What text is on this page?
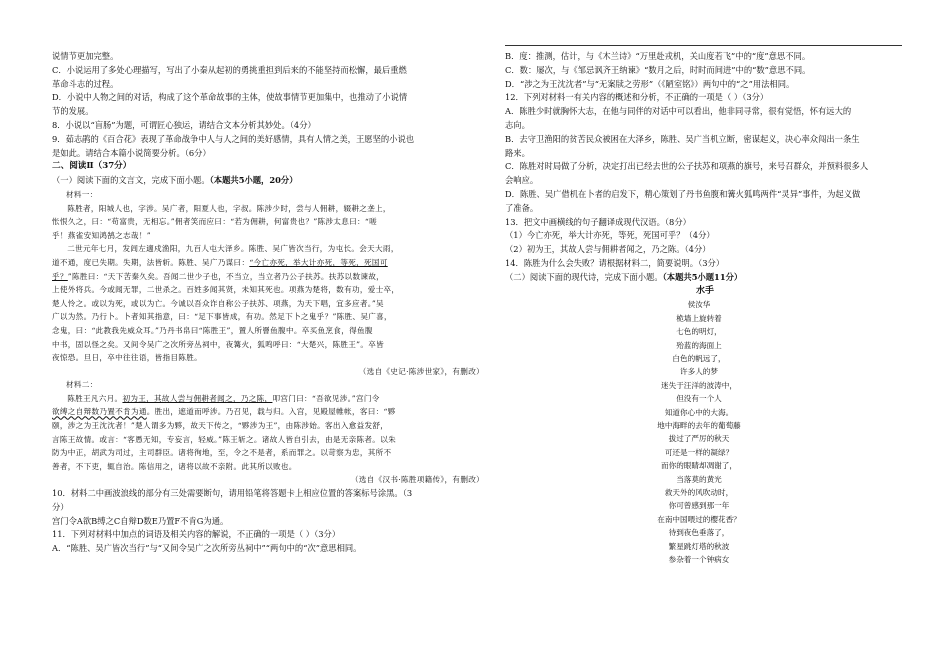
说情节更加完整。

C．小说运用了多处心理描写，写出了小秦从起初的勇挑重担到后来的不能坚持而松懈，最后重燃

革命斗志的过程。

D．小说中人物之间的对话，构成了这个革命故事的主体，使故事情节更加集中，也推动了小说情

节的发展。

8．小说以“盲肠”为题，可谓匠心独运，请结合文本分析其妙处。（4分）

9．茹志鹃的《百合花》表现了革命战争中人与人之间的美好感情，具有人情之美，王愿坚的小说也

是如此。请结合本篇小说简要分析。（6分）

二、阅读Ⅱ（37分）

（一）阅读下面的文言文，完成下面小题。（本题共5小题，20分）

材料一：

陈胜者，阳城人也，字涉。吴广者，阳夏人也，字叔。陈涉少时，尝与人佣耕，辍耕之垄上，

怅恨久之，曰：“苟富贵，无相忘。”佣者笑而应曰：“若为佣耕，何富贵也？”陈涉太息曰：“嗟

乎！燕雀安知鸿鹄之志哉！”

二世元年七月，发闾左適戍渔阳，九百人屯大泽乡。陈胜、吴广皆次当行，为屯长。会天大雨，

道不通，度已失期。失期，法皆斩。陈胜、吴广乃谋曰：“今亡亦死，举大计亦死，等死，死国可

乎？”陈胜曰：“天下苦秦久矣。吾闻二世少子也，不当立，当立者乃公子扶苏。扶苏以数谏故，

上使外将兵。今或闻无罪，二世杀之。百姓多闻其贤，未知其死也。项燕为楚将，数有功，爱士卒，

楚人怜之。或以为死，或以为亡。今诚以吾众诈自称公子扶苏、项燕，为天下唱，宜多应者。”吴

广以为然。乃行卜。卜者知其指意，曰：“足下事皆成，有功。然足下卜之鬼乎？”陈胜、吴广喜，

念鬼，曰：“此教我先威众耳。”乃丹书帛曰“陈胜王”，置人所罾鱼腹中。卒买鱼烹食，得鱼腹

中书，固以怪之矣。又间令吴广之次所旁丛祠中，夜篝火，狐鸣呼曰：“大楚兴，陈胜王”。卒皆

夜惊恐。旦日，卒中往往语，皆指目陈胜。

（选自《史记·陈涉世家》，有删改）

材料二：

陈胜王凡六月。初为王，其故人尝与佣耕者闻之，乃之陈，叩宫门曰：“吾欲见涉。”宫门令

欲缚之自辩数乃置不肯为通。胜出，遮道而呼涉。乃召见，载与归。入宫，见殿屋帷帐，客曰：“夥

颐，涉之为王沈沈者！”楚人谓多为夥，故天下传之，“夥涉为王”，由陈涉始。客出入愈益发舒，

言陈王故情。或言：“客愚无知，专妄言，轻威。”陈王斩之。诸故人皆自引去，由是无亲陈者。以朱

防为中正，胡武为司过，主司群臣。诸将徇地，至，令之不是者，系而罪之。以苛察为忠，其所不

善者，不下吏，辄自治。陈信用之，诸将以故不亲附。此其所以败也。

（选自《汉书·陈胜项籍传》，有删改）

10．材料二中画波浪线的部分有三处需要断句，请用铅笔将答题卡上相应位置的答案标号涂黑。（3

分）

宫门令A欲B缚之C自辩D数E乃置F不肯G为通。

11．下列对材料中加点的词语及相关内容的解说，不正确的一项是（ ）（3分）

A．“陈胜、吴广皆次当行”与“又间令吴广之次所旁丛祠中”“两句中的“次”意思相同。

B．度：推测，估计，与《木兰诗》“万里赴戎机，关山度若飞”中的“度”意思不同。

C．数：屡次，与《邹忌讽齐王纳谏》“数月之后，时时而间进”中的“数”意思不同。

D．“涉之为王沈沈者”与“无案牍之劳形”（《陋室铭》）两句中的“之”用法相同。

12．下列对材料一有关内容的概述和分析，不正确的一项是（ ）（3分）

A．陈胜少时就胸怀大志，在他与同伴的对话中可以看出，他非同寻常，很有觉悟，怀有远大的

志向。

B．去守卫渔阳的贫苦民众被困在大泽乡，陈胜、吴广当机立断，密谋起义，决心率众闯出一条生

路来。

C．陈胜对时局做了分析，决定打出已经去世的公子扶苏和项燕的旗号，来号召群众，并预料很多人

会响应。

D．陈胜、吴广借机在卜者的启发下，精心策划了丹书鱼腹和篝火狐鸣两件“灵异”事件，为起义做

了准备。

13．把文中画横线的句子翻译成现代汉语。（8分）

（1）今亡亦死，举大计亦死，等死，死国可乎？（4分）

（2）初为王，其故人尝与佣耕者闻之，乃之陈。（4分）

14．陈胜为什么会失败？请根据材料二，简要说明。（3分）

（二）阅读下面的现代诗，完成下面小题。（本题共5小题11分）

水手

侯汝华

桅墙上旋转着

七色的明灯，

殆蓝的海面上

白色的帆远了，

许多人的梦

迷失于汪洋的波涛中，

但没有一个人

知道你心中的大海。

地中海畔的去年的葡萄藤

拔过了严厉的秋天

可还是一样的凝绿？

而你的眼睛却凋谢了，

当落莫的黄光

救天外的风吹动时，

你可曾感到那一年

在南中国喂过的樱花香？

待到夜色垂落了，

繁星跳灯塔的秋波

参杂着一个钟病女
